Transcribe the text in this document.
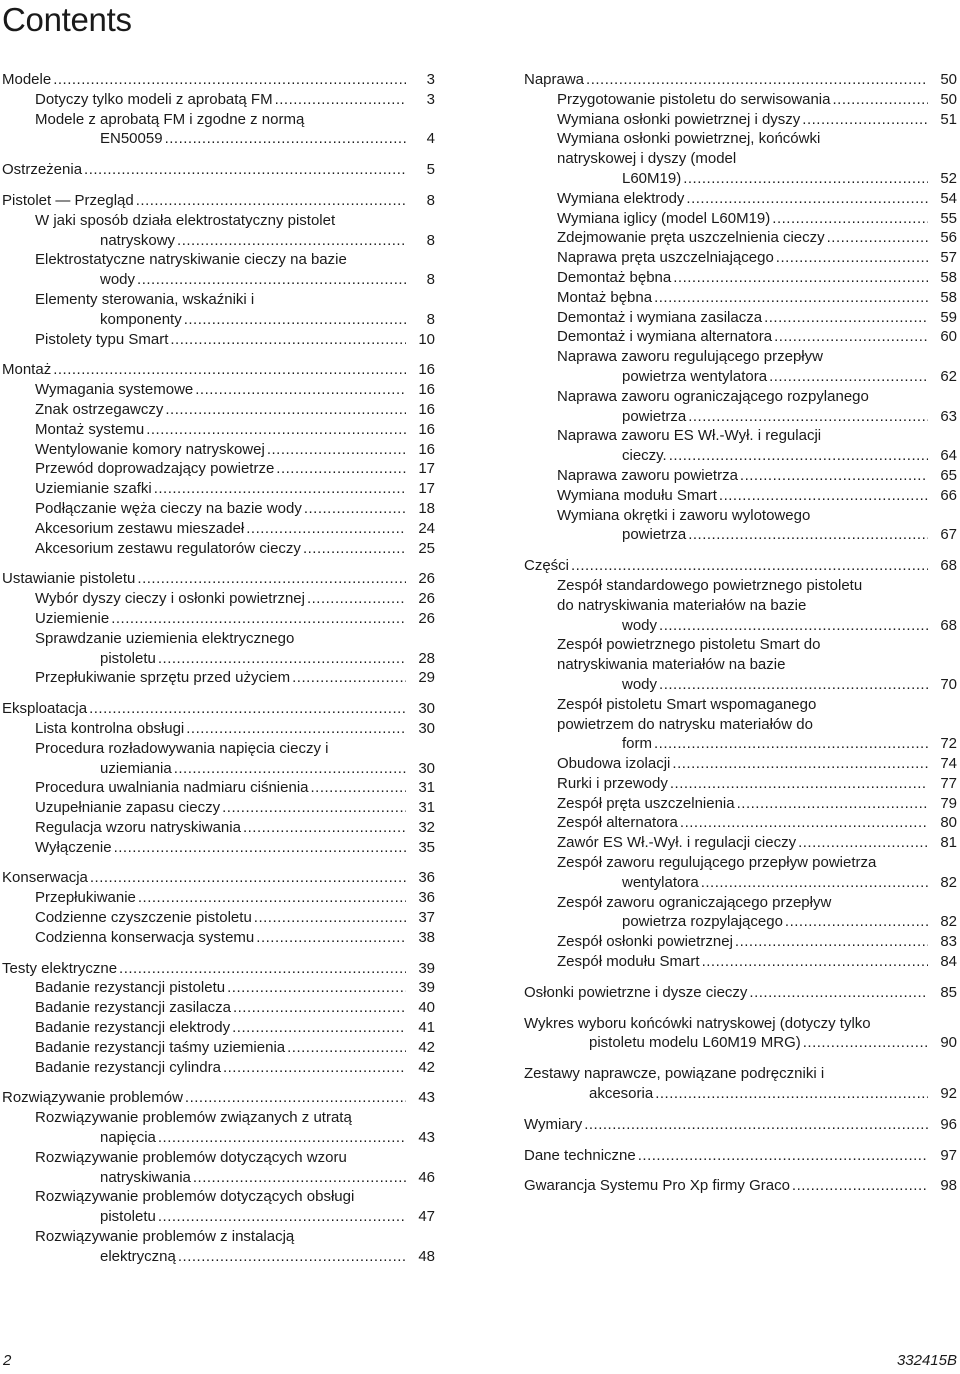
Contents
Modele .....	3
Dotyczy tylko modeli z aprobatą FM .....	3
Modele z aprobatą FM i zgodne z normą
EN50059 .....	4
Ostrzeżenia .....	5
Pistolet — Przegląd .....	8
W jaki sposób działa elektrostatyczny pistolet
natryskowy .....	8
Elektrostatyczne natryskiwanie cieczy na bazie
wody .....	8
Elementy sterowania, wskaźniki i
komponenty .....	8
Pistolety typu Smart .....	10
Montaż .....	16
Wymagania systemowe .....	16
Znak ostrzegawczy .....	16
Montaż systemu .....	16
Wentylowanie komory natryskowej .....	16
Przewód doprowadzający powietrze .....	17
Uziemianie szafki .....	17
Podłączanie węża cieczy na bazie wody .....	18
Akcesorium zestawu mieszadeł .....	24
Akcesorium zestawu regulatorów cieczy .....	25
Ustawianie pistoletu .....	26
Wybór dyszy cieczy i osłonki powietrznej .....	26
Uziemienie .....	26
Sprawdzanie uziemienia elektrycznego
pistoletu .....	28
Przepłukiwanie sprzętu przed użyciem .....	29
Eksploatacja .....	30
Lista kontrolna obsługi .....	30
Procedura rozładowywania napięcia cieczy i
uziemiania .....	30
Procedura uwalniania nadmiaru ciśnienia .....	31
Uzupełnianie zapasu cieczy .....	31
Regulacja wzoru natryskiwania .....	32
Wyłączenie .....	35
Konserwacja .....	36
Przepłukiwanie .....	36
Codzienne czyszczenie pistoletu .....	37
Codzienna konserwacja systemu .....	38
Testy elektryczne .....	39
Badanie rezystancji pistoletu .....	39
Badanie rezystancji zasilacza .....	40
Badanie rezystancji elektrody .....	41
Badanie rezystancji taśmy uziemienia .....	42
Badanie rezystancji cylindra .....	42
Rozwiązywanie problemów .....	43
Rozwiązywanie problemów związanych z utratą
napięcia .....	43
Rozwiązywanie problemów dotyczących wzoru
natryskiwania .....	46
Rozwiązywanie problemów dotyczących obsługi
pistoletu .....	47
Rozwiązywanie problemów z instalacją
elektryczną .....	48
Naprawa .....	50
Przygotowanie pistoletu do serwisowania .....	50
Wymiana osłonki powietrznej i dyszy .....	51
Wymiana osłonki powietrznej, końcówki
natryskowej i dyszy (model
L60M19) .....	52
Wymiana elektrody .....	54
Wymiana iglicy (model L60M19) .....	55
Zdejmowanie pręta uszczelnienia cieczy .....	56
Naprawa pręta uszczelniającego .....	57
Demontaż bębna .....	58
Montaż bębna .....	58
Demontaż i wymiana zasilacza .....	59
Demontaż i wymiana alternatora .....	60
Naprawa zaworu regulującego przepływ
powietrza wentylatora .....	62
Naprawa zaworu ograniczającego rozpylanego
powietrza .....	63
Naprawa zaworu ES Wł.-Wył. i regulacji
cieczy. .....	64
Naprawa zaworu powietrza .....	65
Wymiana modułu Smart .....	66
Wymiana okrętki i zaworu wylotowego
powietrza .....	67
Części .....	68
Zespół standardowego powietrznego pistoletu
do natryskiwania materiałów na bazie
wody .....	68
Zespół powietrznego pistoletu Smart do
natryskiwania materiałów na bazie
wody .....	70
Zespół pistoletu Smart wspomaganego
powietrzem do natrysku materiałów do
form .....	72
Obudowa izolacji .....	74
Rurki i przewody .....	77
Zespół pręta uszczelnienia .....	79
Zespół alternatora .....	80
Zawór ES Wł.-Wył. i regulacji cieczy .....	81
Zespół zaworu regulującego przepływ powietrza
wentylatora .....	82
Zespół zaworu ograniczającego przepływ
powietrza rozpylającego .....	82
Zespół osłonki powietrznej .....	83
Zespół modułu Smart .....	84
Osłonki powietrzne i dysze cieczy .....	85
Wykres wyboru końcówki natryskowej (dotyczy tylko
pistoletu modelu L60M19 MRG) .....	90
Zestawy naprawcze, powiązane podręczniki i
akcesoria .....	92
Wymiary .....	96
Dane techniczne .....	97
Gwarancja Systemu Pro Xp firmy Graco .....	98
2	332415B
